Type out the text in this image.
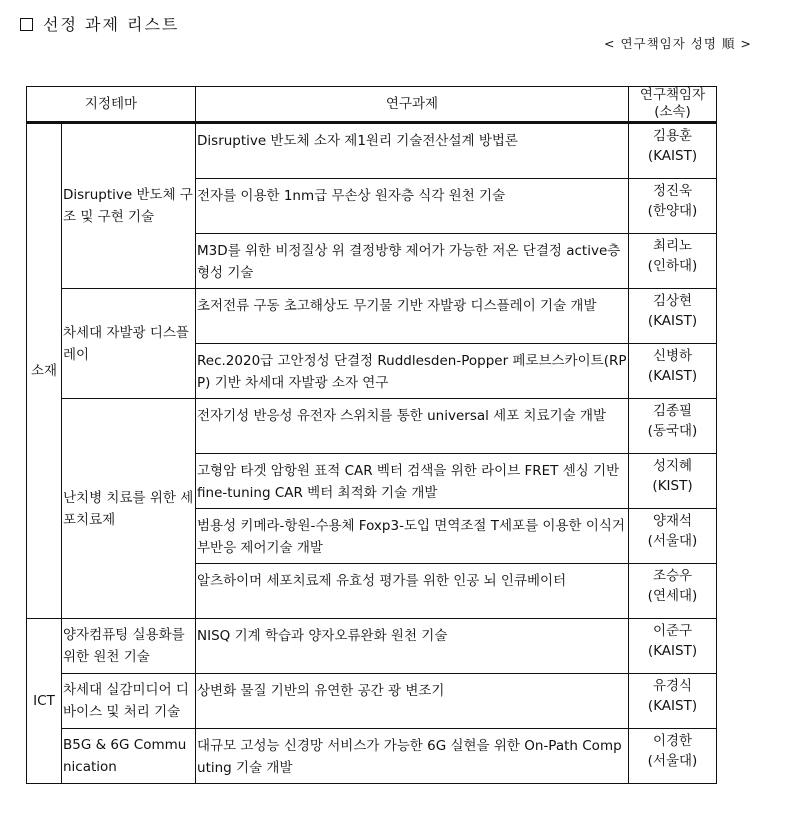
선정 과제 리스트
< 연구책임자 성명 順 >
지정테마		연구과제	연구책임자
(소속)
소재	Disruptive 반도체 구조 및 구현 기술	Disruptive 반도체 소자 제1원리 기술전산설계 방법론	김용훈
(KAIST)
		전자를 이용한 1nm급 무손상 원자층 식각 원천 기술	정진욱
(한양대)
		M3D를 위한 비정질상 위 결정방향 제어가 가능한 저온 단결정 active층 형성 기술	최리노
(인하대)
	차세대 자발광 디스플레이	초저전류 구동 초고해상도 무기물 기반 자발광 디스플레이 기술 개발	김상현
(KAIST)
		Rec.2020급 고안정성 단결정 Ruddlesden-Popper 페로브스카이트(RPP) 기반 차세대 자발광 소자 연구	신병하
(KAIST)
	난치병 치료를 위한 세포치료제	전자기성 반응성 유전자 스위치를 통한 universal 세포 치료기술 개발	김종필
(동국대)
		고형암 타겟 암항원 표적 CAR 벡터 검색을 위한 라이브 FRET 센싱 기반 fine-tuning CAR 벡터 최적화 기술 개발	성지혜
(KIST)
		범용성 키메라-항원-수용체 Foxp3-도입 면역조절 T세포를 이용한 이식거부반응 제어기술 개발	양재석
(서울대)
		알츠하이머 세포치료제 유효성 평가를 위한 인공 뇌 인큐베이터	조승우
(연세대)
ICT	양자컴퓨팅 실용화를 위한 원천 기술	NISQ 기계 학습과 양자오류완화 원천 기술	이준구
(KAIST)
	차세대 실감미디어 디바이스 및 처리 기술	상변화 물질 기반의 유연한 공간 광 변조기	유경식
(KAIST)
	B5G & 6G Communication	대규모 고성능 신경망 서비스가 가능한 6G 실현을 위한 On-Path Computing 기술 개발	이경한
(서울대)
